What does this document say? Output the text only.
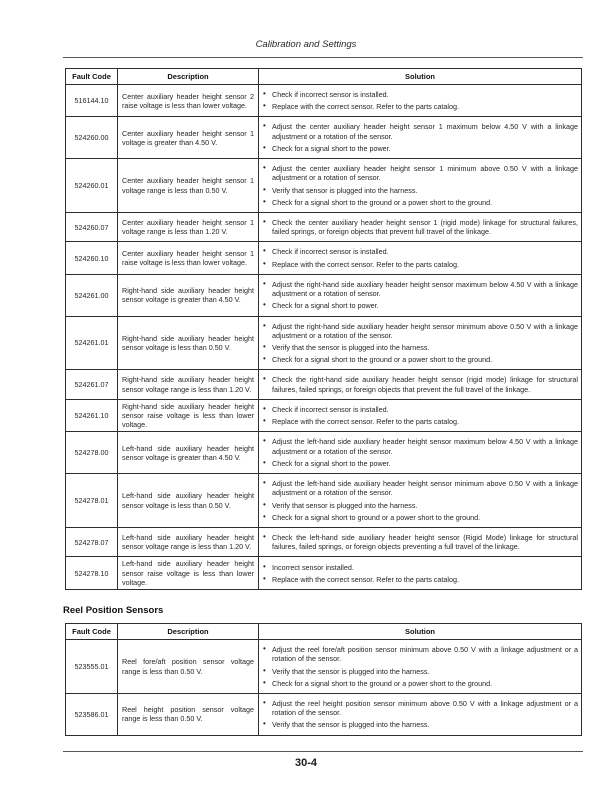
Calibration and Settings
Fault Code	Description	Solution
516144.10	Center auxiliary header height sensor 2 raise voltage is less than lower voltage.	
• Check if incorrect sensor is installed.
• Replace with the correct sensor. Refer to the parts catalog.

524260.00	Center auxiliary header height sensor 1 voltage is greater than 4.50 V.	
• Adjust the center auxiliary header height sensor 1 maximum below 4.50 V with a linkage adjustment or a rotation of the sensor.
• Check for a signal short to the power.

524260.01	Center auxiliary header height sensor 1 voltage range is less than 0.50 V.	
• Adjust the center auxiliary header height sensor 1 minimum above 0.50 V with a linkage adjustment or a rotation of sensor.
• Verify that sensor is plugged into the harness.
• Check for a signal short to the ground or a power short to the ground.

524260.07	Center auxiliary header height sensor 1 voltage range is less than 1.20 V.	
• Check the center auxiliary header height sensor 1 (rigid mode) linkage for structural failures, failed springs, or foreign objects that prevent full travel of the linkage.

524260.10	Center auxiliary header height sensor 1 raise voltage is less than lower voltage.	
• Check if incorrect sensor is installed.
• Replace with the correct sensor. Refer to the parts catalog.

524261.00	Right-hand side auxiliary header height sensor voltage is greater than 4.50 V.	
• Adjust the right-hand side auxiliary header height sensor maximum below 4.50 V with a linkage adjustment or a rotation of sensor.
• Check for a signal short to power.

524261.01	Right-hand side auxiliary header height sensor voltage is less than 0.50 V.	
• Adjust the right-hand side auxiliary header height sensor minimum above 0.50 V with a linkage adjustment or a rotation of the sensor.
• Verify that the sensor is plugged into the harness.
• Check for a signal short to the ground or a power short to the ground.

524261.07	Right-hand side auxiliary header height sensor voltage range is less than 1.20 V.	
• Check the right-hand side auxiliary header height sensor (rigid mode) linkage for structural failures, failed springs, or foreign objects that prevent the full travel of the linkage.

524261.10	Right-hand side auxiliary header height sensor raise voltage is less than lower voltage.	
• Check if incorrect sensor is installed.
• Replace with the correct sensor. Refer to the parts catalog.

524278.00	Left-hand side auxiliary header height sensor voltage is greater than 4.50 V.	
• Adjust the left-hand side auxiliary header height sensor maximum below 4.50 V with a linkage adjustment or a rotation of the sensor.
• Check for a signal short to the power.

524278.01	Left-hand side auxiliary header height sensor voltage is less than 0.50 V.	
• Adjust the left-hand side auxiliary header height sensor minimum above 0.50 V with a linkage adjustment or a rotation of the sensor.
• Verify that sensor is plugged into the harness.
• Check for a signal short to ground or a power short to the ground.

524278.07	Left-hand side auxiliary header height sensor voltage range is less than 1.20 V.	
• Check the left-hand side auxiliary header height sensor (Rigid Mode) linkage for structural failures, failed springs, or foreign objects preventing a full travel of the linkage.

524278.10	Left-hand side auxiliary header height sensor raise voltage is less than lower voltage.	
• Incorrect sensor installed.
• Replace with the correct sensor. Refer to the parts catalog.
Reel Position Sensors
Fault Code	Description	Solution
523555.01	Reel fore/aft position sensor voltage range is less than 0.50 V.	
• Adjust the reel fore/aft position sensor minimum above 0.50 V with a linkage adjustment or a rotation of the sensor.
• Verify that the sensor is plugged into the harness.
• Check for a signal short to the ground or a power short to the ground.

523586.01	Reel height position sensor voltage range is less than 0.50 V.	
• Adjust the reel height position sensor minimum above 0.50 V with a linkage adjustment or a rotation of the sensor.
• Verify that the sensor is plugged into the harness.
30-4
